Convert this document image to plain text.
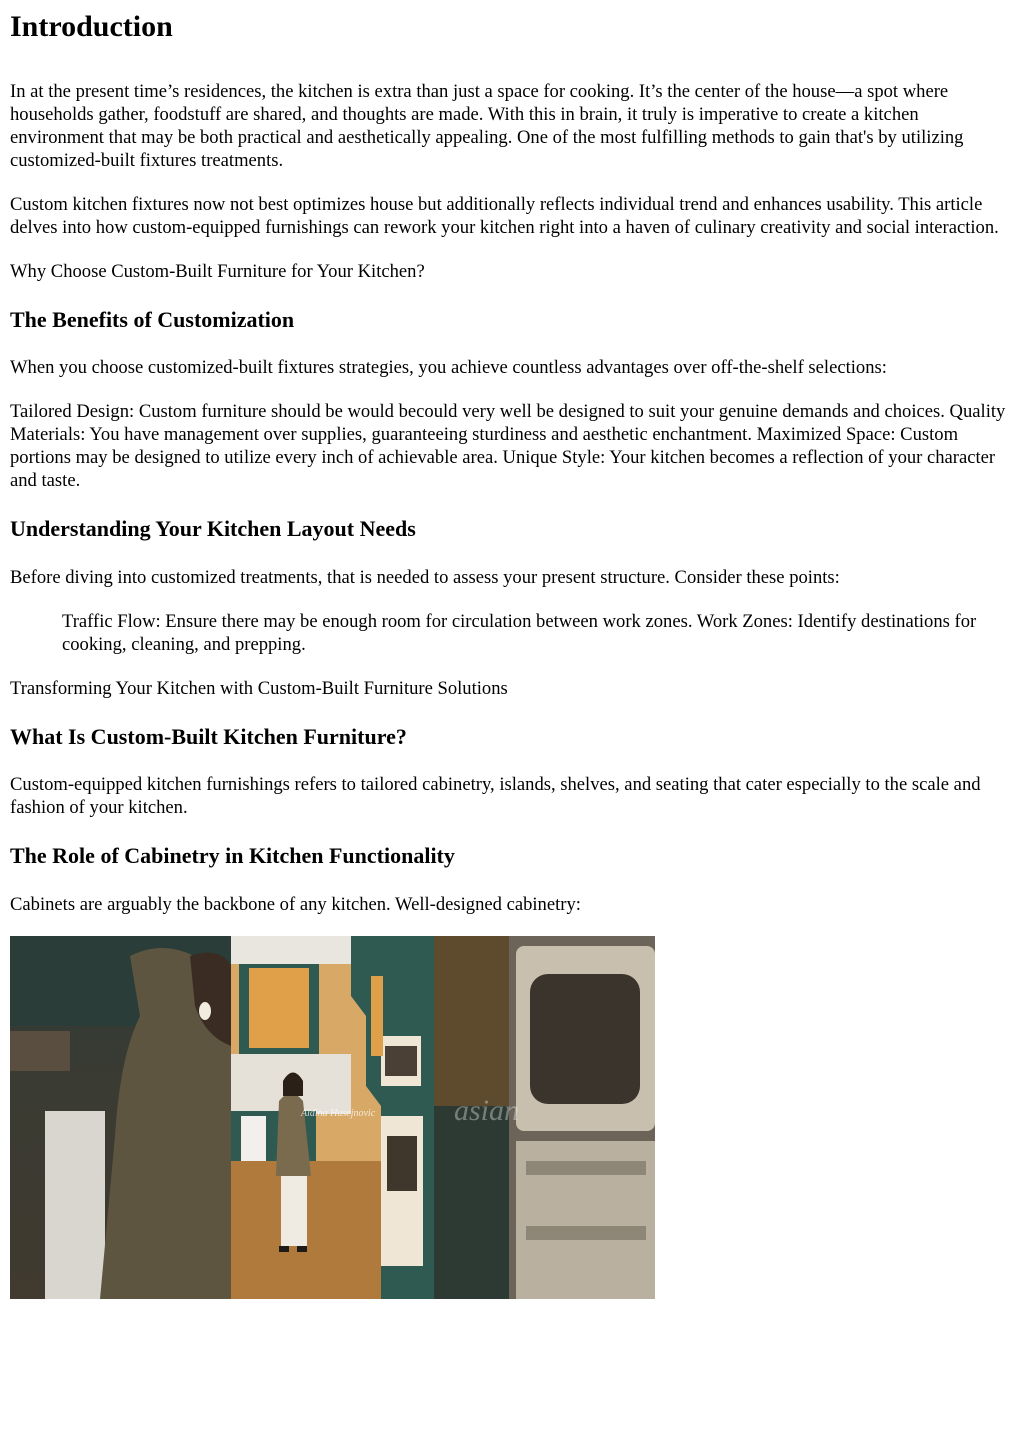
Introduction

In at the present time’s residences, the kitchen is extra than just a space for cooking. It’s the center of the house—a spot where households gather, foodstuff are shared, and thoughts are made. With this in brain, it truly is imperative to create a kitchen environment that may be both practical and aesthetically appealing. One of the most fulfilling methods to gain that's by utilizing customized-built fixtures treatments.

Custom kitchen fixtures now not best optimizes house but additionally reflects individual trend and enhances usability. This article delves into how custom-equipped furnishings can rework your kitchen right into a haven of culinary creativity and social interaction.

Why Choose Custom-Built Furniture for Your Kitchen?

The Benefits of Customization

When you choose customized-built fixtures strategies, you achieve countless advantages over off-the-shelf selections:

Tailored Design: Custom furniture should be would becould very well be designed to suit your genuine demands and choices. Quality Materials: You have management over supplies, guaranteeing sturdiness and aesthetic enchantment. Maximized Space: Custom portions may be designed to utilize every inch of achievable area. Unique Style: Your kitchen becomes a reflection of your character and taste.

Understanding Your Kitchen Layout Needs

Before diving into customized treatments, that is needed to assess your present structure. Consider these points:

Traffic Flow: Ensure there may be enough room for circulation between work zones. Work Zones: Identify destinations for cooking, cleaning, and prepping.

Transforming Your Kitchen with Custom-Built Furniture Solutions

What Is Custom-Built Kitchen Furniture?

Custom-equipped kitchen furnishings refers to tailored cabinetry, islands, shelves, and seating that cater especially to the scale and fashion of your kitchen.

The Role of Cabinetry in Kitchen Functionality

Cabinets are arguably the backbone of any kitchen. Well-designed cabinetry:

Aldina Husejnovic	asian
